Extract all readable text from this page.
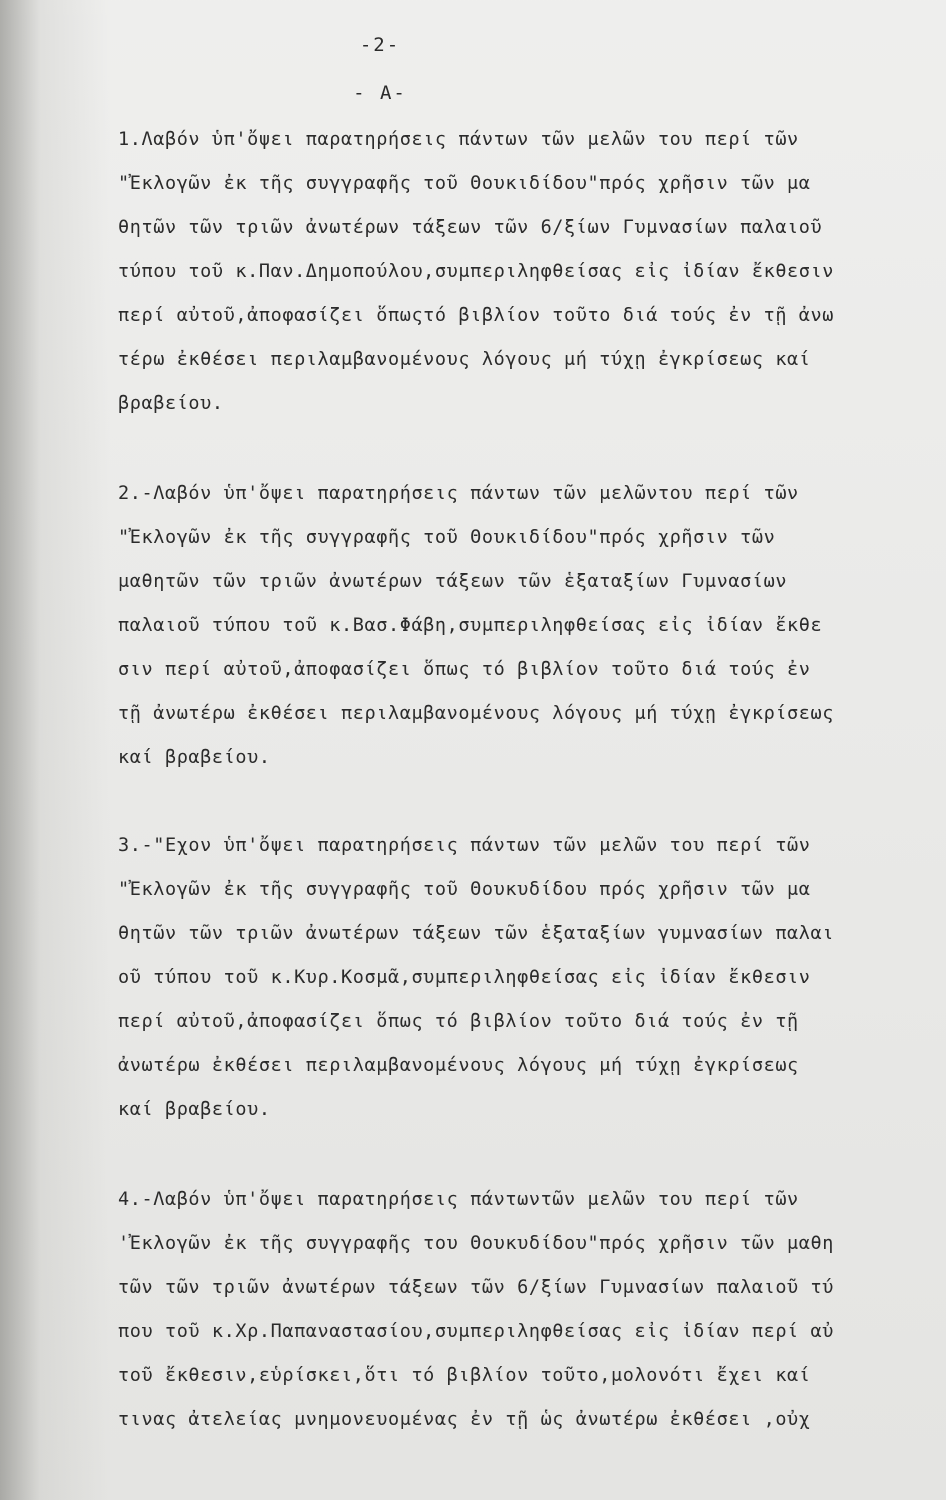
-2-
- A-
1.Λαβόν ὑπ'ὄψει παρατηρήσεις πάντων τῶν μελῶν του περί τῶν
"Ἐκλογῶν ἐκ τῆς συγγραφῆς τοῦ Θουκιδίδου"πρός χρῆσιν τῶν μα
θητῶν τῶν τριῶν ἀνωτέρων τάξεων τῶν 6/ξίων Γυμνασίων παλαιοῦ
τύπου τοῦ κ.Παν.Δημοπούλου,συμπεριληφθείσας εἰς ἰδίαν ἔκθεσιν
περί αὐτοῦ,ἀποφασίζει ὅπωςτό βιβλίον τοῦτο διά τούς ἐν τῇ ἀνω
τέρω ἐκθέσει περιλαμβανομένους λόγους μή τύχῃ ἐγκρίσεως καί
βραβείου.
2.-Λαβόν ὑπ'ὄψει παρατηρήσεις πάντων τῶν μελῶντου περί τῶν
"Ἐκλογῶν ἐκ τῆς συγγραφῆς τοῦ Θουκιδίδου"πρός χρῆσιν τῶν
μαθητῶν τῶν τριῶν ἀνωτέρων τάξεων τῶν ἑξαταξίων Γυμνασίων
παλαιοῦ τύπου τοῦ κ.Βασ.Φάβη,συμπεριληφθείσας εἰς ἰδίαν ἔκθε
σιν περί αὐτοῦ,ἀποφασίζει ὅπως τό βιβλίον τοῦτο διά τούς ἐν
τῇ ἀνωτέρω ἐκθέσει περιλαμβανομένους λόγους μή τύχῃ ἐγκρίσεως
καί βραβείου.
3.-"Εχον ὑπ'ὄψει παρατηρήσεις πάντων τῶν μελῶν του περί τῶν
"Ἐκλογῶν ἐκ τῆς συγγραφῆς τοῦ Θουκυδίδου πρός χρῆσιν τῶν μα
θητῶν τῶν τριῶν ἀνωτέρων τάξεων τῶν ἑξαταξίων γυμνασίων παλαι
οῦ τύπου τοῦ κ.Κυρ.Κοσμᾶ,συμπεριληφθείσας εἰς ἰδίαν ἔκθεσιν
περί αὐτοῦ,ἀποφασίζει ὅπως τό βιβλίον τοῦτο διά τούς ἐν τῇ
ἀνωτέρω ἐκθέσει περιλαμβανομένους λόγους μή τύχῃ ἐγκρίσεως
καί βραβείου.
4.-Λαβόν ὑπ'ὄψει παρατηρήσεις πάντωντῶν μελῶν του περί τῶν
'Ἐκλογῶν ἐκ τῆς συγγραφῆς του Θουκυδίδου"πρός χρῆσιν τῶν μαθη
τῶν τῶν τριῶν ἀνωτέρων τάξεων τῶν 6/ξίων Γυμνασίων παλαιοῦ τύ
που τοῦ κ.Χρ.Παπαναστασίου,συμπεριληφθείσας εἰς ἰδίαν περί αὐ
τοῦ ἔκθεσιν,εὑρίσκει,ὅτι τό βιβλίον τοῦτο,μολονότι ἔχει καί
τινας ἀτελείας μνημονευομένας ἐν τῇ ὡς ἀνωτέρω ἐκθέσει ,οὐχ
